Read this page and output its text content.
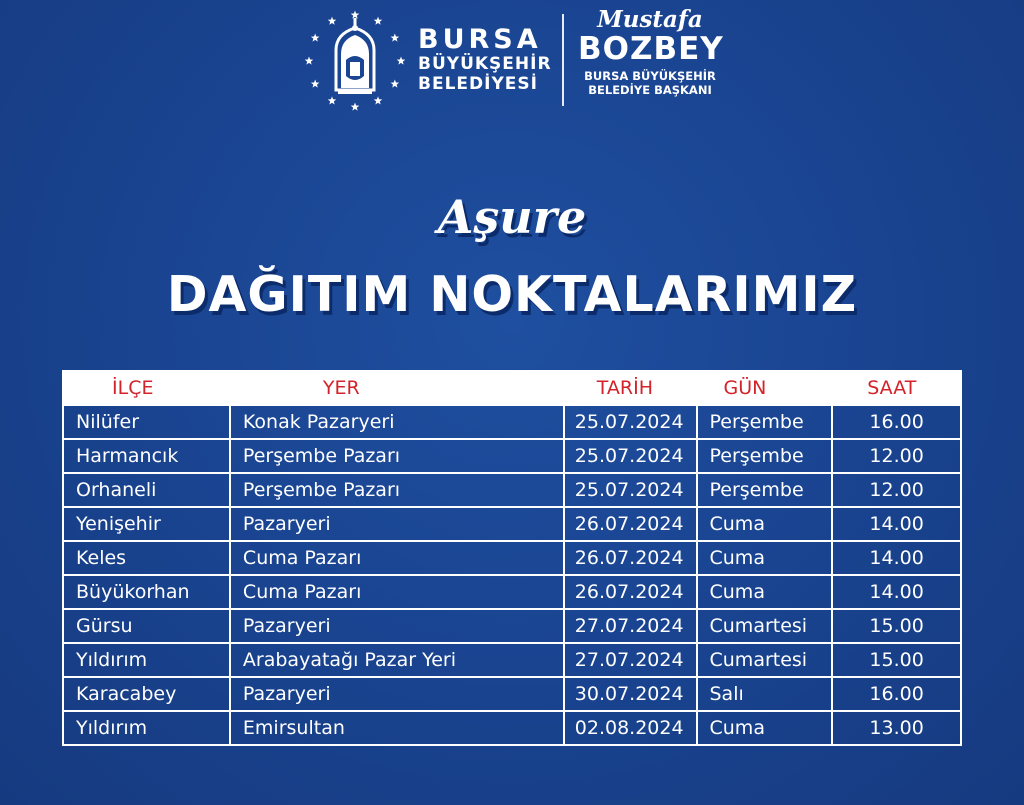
BURSA
BÜYÜKŞEHİR
BELEDİYESİ
Mustafa
BOZBEY
BURSA BÜYÜKŞEHİR
BELEDİYE BAŞKANI
Aşure
DAĞITIM NOKTALARIMIZ
İLÇE	YER	TARİH	GÜN	SAAT
Nilüfer	Konak Pazaryeri	25.07.2024	Perşembe	16.00
Harmancık	Perşembe Pazarı	25.07.2024	Perşembe	12.00
Orhaneli	Perşembe Pazarı	25.07.2024	Perşembe	12.00
Yenişehir	Pazaryeri	26.07.2024	Cuma	14.00
Keles	Cuma Pazarı	26.07.2024	Cuma	14.00
Büyükorhan	Cuma Pazarı	26.07.2024	Cuma	14.00
Gürsu	Pazaryeri	27.07.2024	Cumartesi	15.00
Yıldırım	Arabayatağı Pazar Yeri	27.07.2024	Cumartesi	15.00
Karacabey	Pazaryeri	30.07.2024	Salı	16.00
Yıldırım	Emirsultan	02.08.2024	Cuma	13.00
